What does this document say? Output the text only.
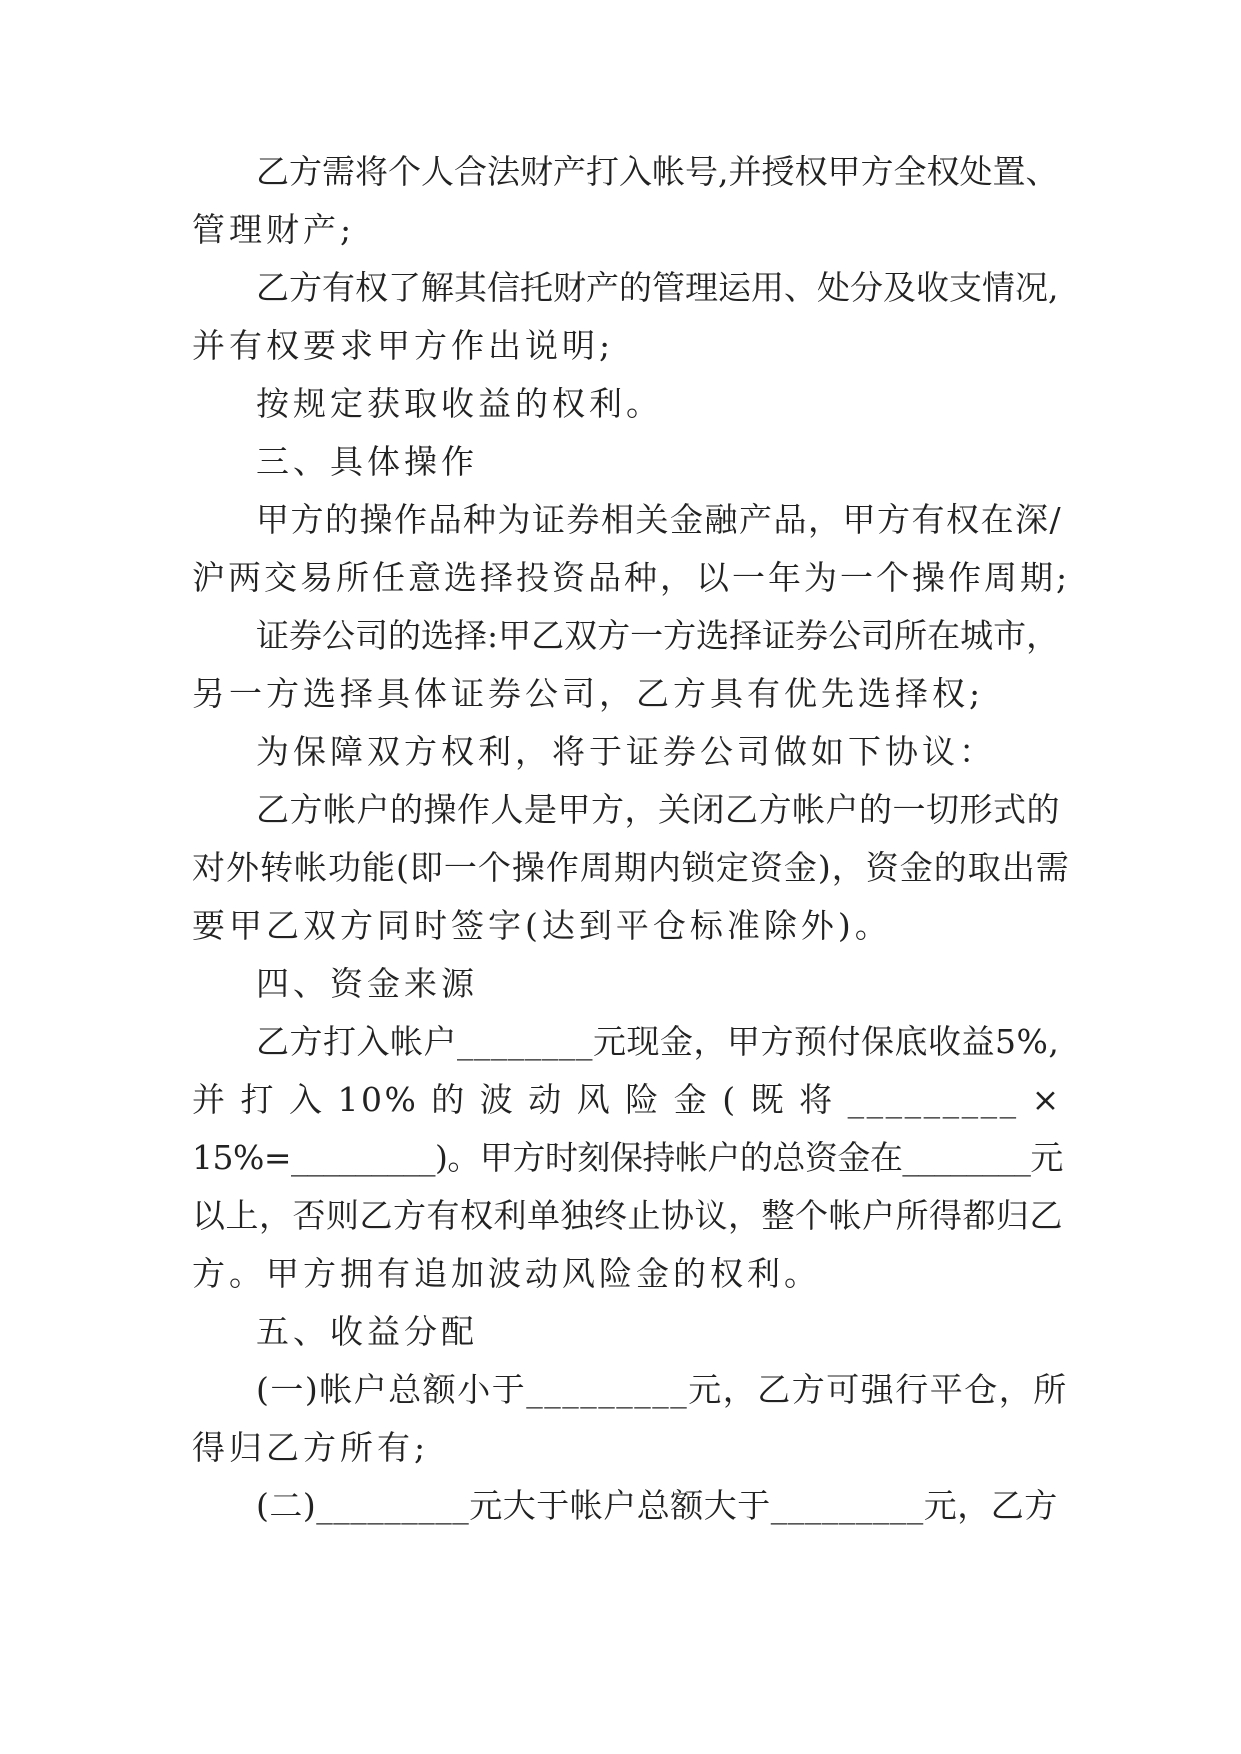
乙方需将个人合法财产打入帐号,并授权甲方全权处置、
管理财产;
乙方有权了解其信托财产的管理运用、处分及收支情况,
并有权要求甲方作出说明;
按规定获取收益的权利。
三、具体操作
甲方的操作品种为证券相关金融产品，甲方有权在深/
沪两交易所任意选择投资品种，以一年为一个操作周期;
证券公司的选择:甲乙双方一方选择证券公司所在城市，
另一方选择具体证券公司，乙方具有优先选择权;
为保障双方权利，将于证券公司做如下协议：
乙方帐户的操作人是甲方，关闭乙方帐户的一切形式的
对外转帐功能(即一个操作周期内锁定资金)，资金的取出需
要甲乙双方同时签字(达到平仓标准除外)。
四、资金来源
乙方打入帐户________元现金，甲方预付保底收益5%,
并 打 入 10% 的 波 动 风 险 金 ( 既 将 _________ ×
15%=_________)。甲方时刻保持帐户的总资金在________元
以上，否则乙方有权利单独终止协议，整个帐户所得都归乙
方。甲方拥有追加波动风险金的权利。
五、收益分配
(一)帐户总额小于_________元，乙方可强行平仓，所
得归乙方所有;
(二)_________元大于帐户总额大于_________元，乙方
